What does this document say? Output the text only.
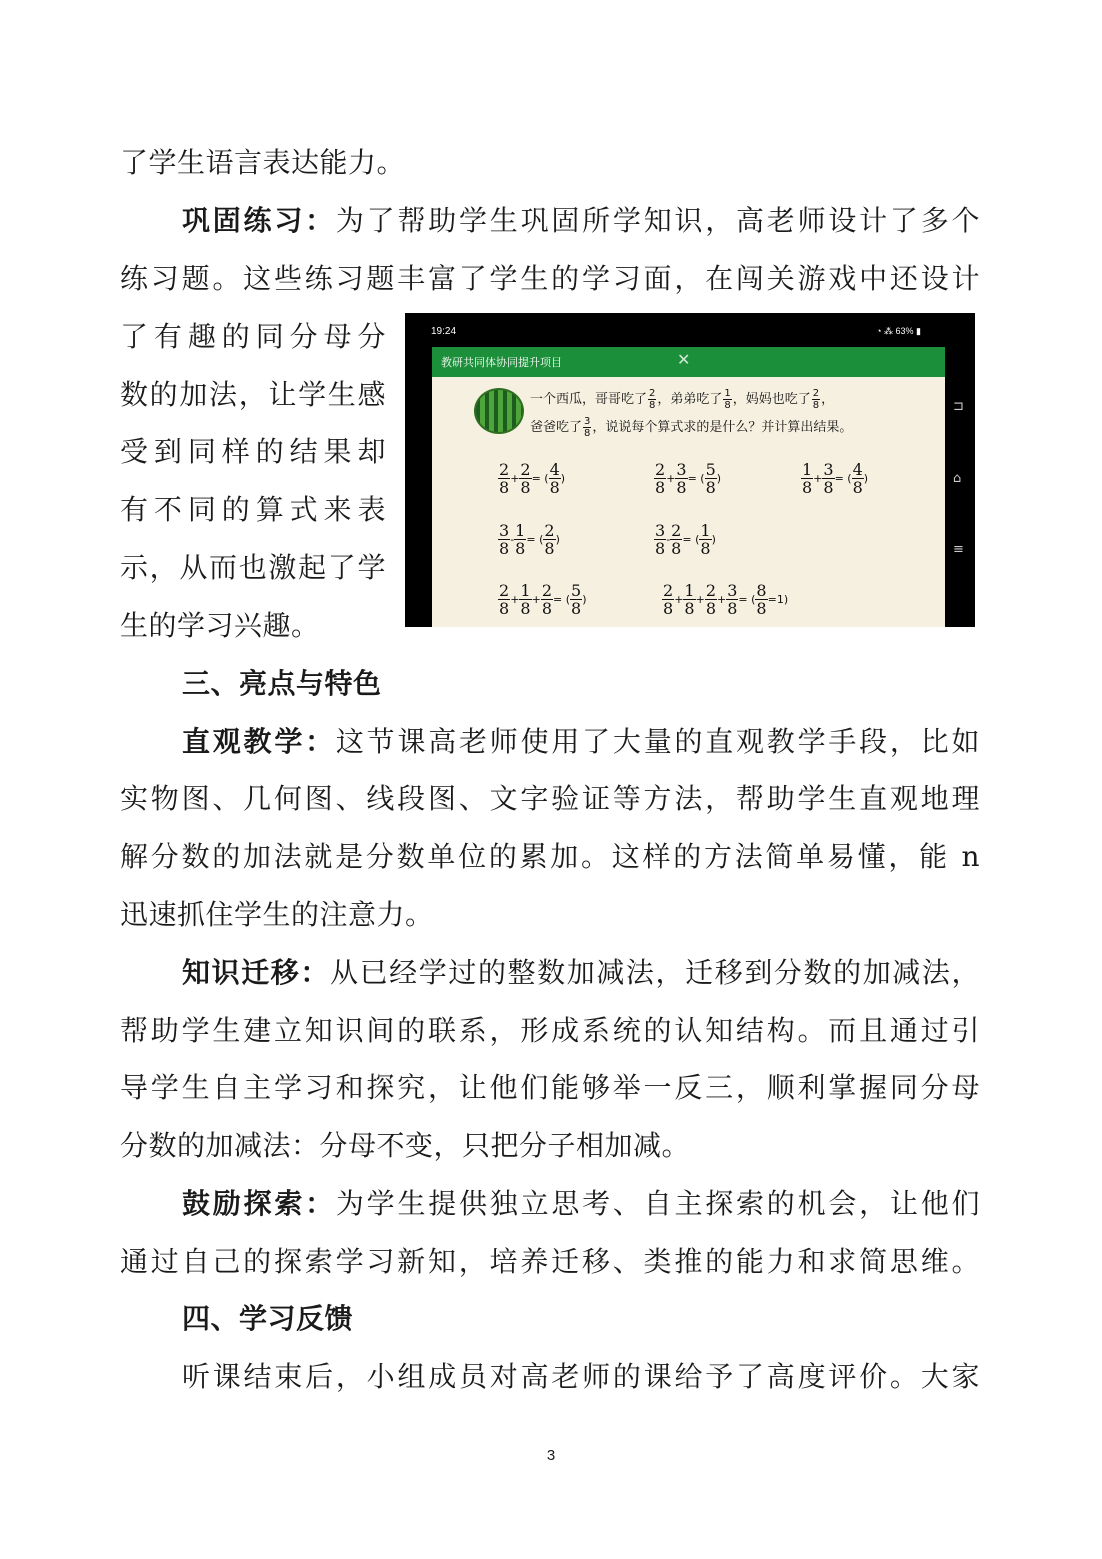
了学生语言表达能力。
巩固练习：为了帮助学生巩固所学知识，高老师设计了多个
练习题。这些练习题丰富了学生的学习面，在闯关游戏中还设计
了有趣的同分母分
数的加法，让学生感
受到同样的结果却
有不同的算式来表
示，从而也激起了学
生的学习兴趣。
三、亮点与特色
直观教学：这节课高老师使用了大量的直观教学手段，比如
实物图、几何图、线段图、文字验证等方法，帮助学生直观地理
解分数的加法就是分数单位的累加。这样的方法简单易懂，能 n
迅速抓住学生的注意力。
知识迁移：从已经学过的整数加减法，迁移到分数的加减法，
帮助学生建立知识间的联系，形成系统的认知结构。而且通过引
导学生自主学习和探究，让他们能够举一反三，顺利掌握同分母
分数的加减法：分母不变，只把分子相加减。
鼓励探索：为学生提供独立思考、自主探索的机会，让他们
通过自己的探索学习新知，培养迁移、类推的能力和求简思维。
四、学习反馈
听课结束后，小组成员对高老师的课给予了高度评价。大家
3
19:24	◔ ⁂ 63% ▮
教研共同体协同提升项目	✕
一个西瓜，哥哥吃了 $\frac{2}{8}$ ，弟弟吃了 $\frac{1}{8}$ ，妈妈也吃了 $\frac{2}{8}$ ，
爸爸吃了 $\frac{3}{8}$ ，说说每个算式求的是什么？并计算出结果。
$\frac{2}{8} + \frac{2}{8}$ = ( $\frac{4}{8}$ )	$\frac{2}{8} + \frac{3}{8}$ = ( $\frac{5}{8}$ )	$\frac{1}{8} + \frac{3}{8}$ = ( $\frac{4}{8}$ )
$\frac{3}{8} - \frac{1}{8}$ = ( $\frac{2}{8}$ )	$\frac{3}{8} - \frac{2}{8}$ = ( $\frac{1}{8}$ )
$\frac{2}{8} + \frac{1}{8} + \frac{2}{8}$ = ( $\frac{5}{8}$ )	$\frac{2}{8} + \frac{1}{8} + \frac{2}{8} + \frac{3}{8}$ = ( $\frac{8}{8} =1$)
⊐
⌂
≡
